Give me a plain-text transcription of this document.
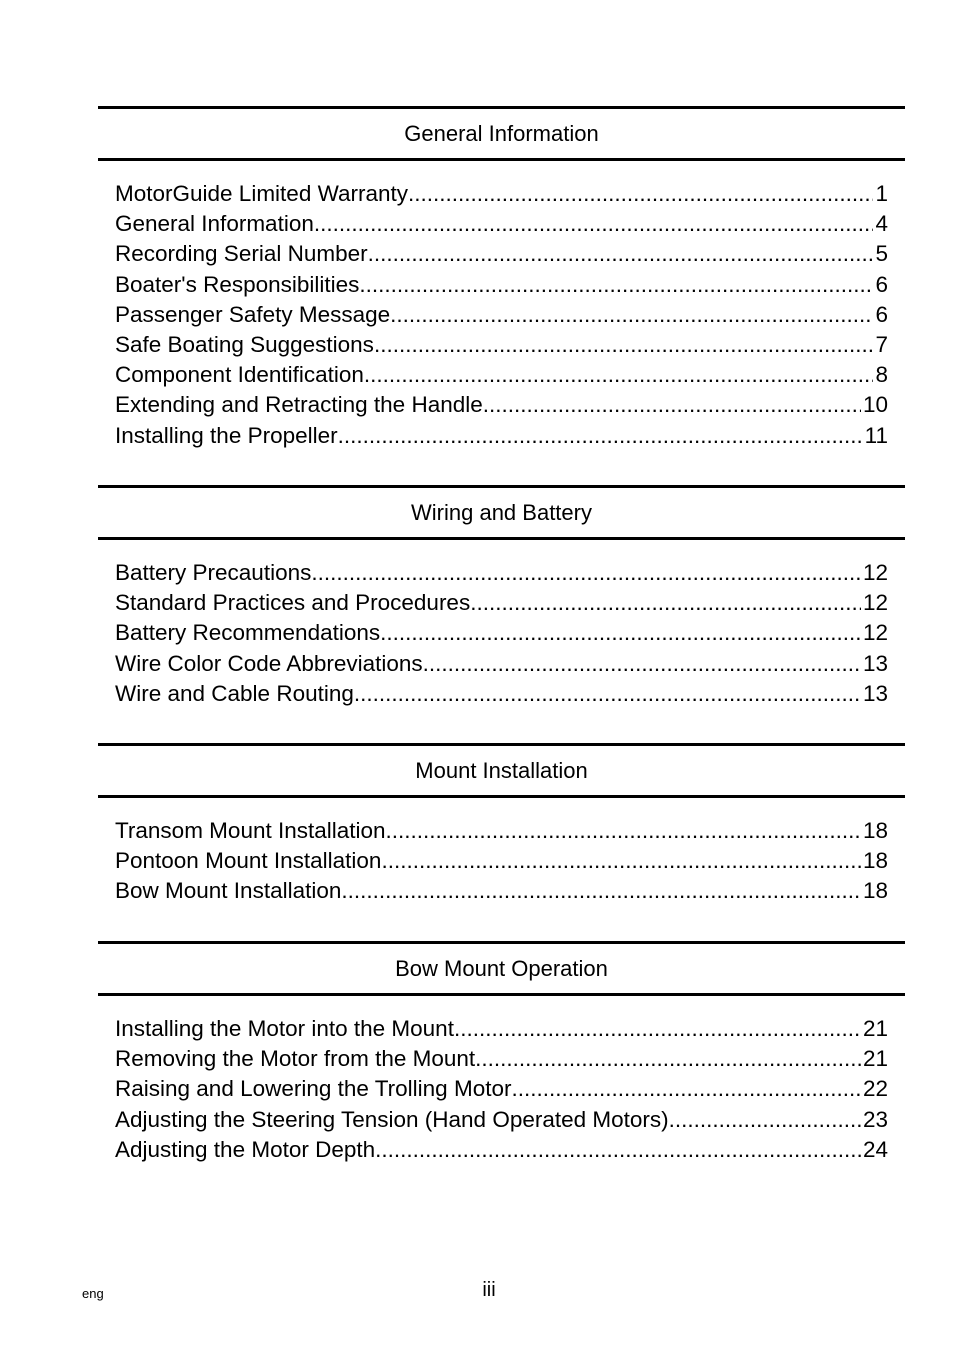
General Information
MotorGuide Limited Warranty .....	1
General Information .....	4
Recording Serial Number .....	5
Boater's Responsibilities .....	6
Passenger Safety Message .....	6
Safe Boating Suggestions .....	7
Component Identification .....	8
Extending and Retracting the Handle .....	10
Installing the Propeller .....	11
Wiring and Battery
Battery Precautions .....	12
Standard Practices and Procedures .....	12
Battery Recommendations .....	12
Wire Color Code Abbreviations .....	13
Wire and Cable Routing .....	13
Mount Installation
Transom Mount Installation .....	18
Pontoon Mount Installation .....	18
Bow Mount Installation .....	18
Bow Mount Operation
Installing the Motor into the Mount .....	21
Removing the Motor from the Mount .....	21
Raising and Lowering the Trolling Motor .....	22
Adjusting the Steering Tension (Hand Operated Motors) .....	23
Adjusting the Motor Depth .....	24
eng	iii
